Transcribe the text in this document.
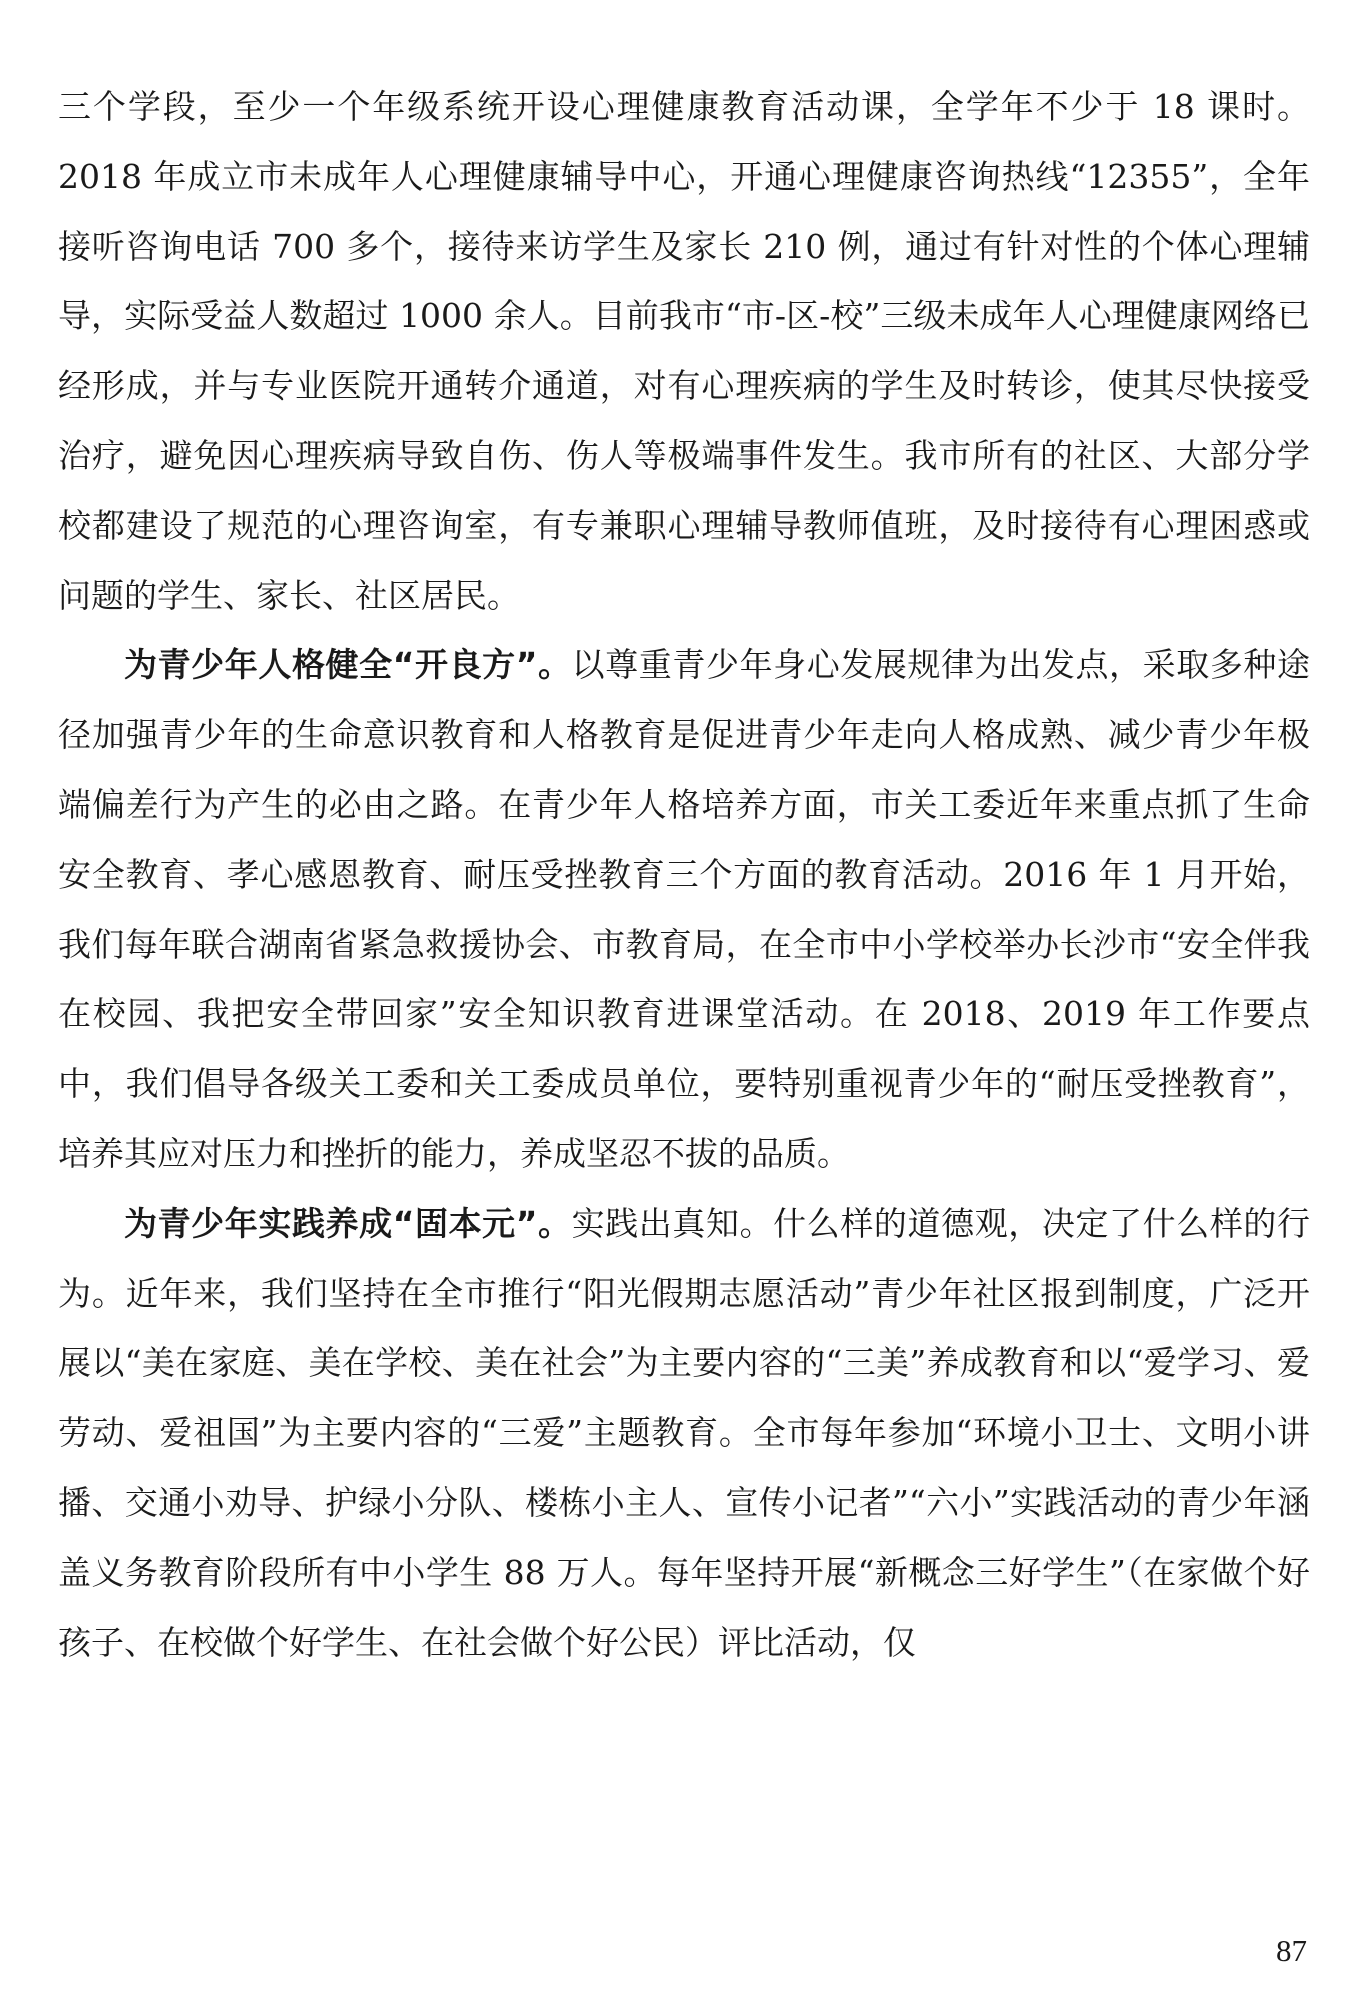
三个学段，至少一个年级系统开设心理健康教育活动课，全学年不少于 18 课时。2018 年成立市未成年人心理健康辅导中心，开通心理健康咨询热线“12355”，全年接听咨询电话 700 多个，接待来访学生及家长 210 例，通过有针对性的个体心理辅导，实际受益人数超过 1000 余人。目前我市“市-区-校”三级未成年人心理健康网络已经形成，并与专业医院开通转介通道，对有心理疾病的学生及时转诊，使其尽快接受治疗，避免因心理疾病导致自伤、伤人等极端事件发生。我市所有的社区、大部分学校都建设了规范的心理咨询室，有专兼职心理辅导教师值班，及时接待有心理困惑或问题的学生、家长、社区居民。

为青少年人格健全“开良方”。以尊重青少年身心发展规律为出发点，采取多种途径加强青少年的生命意识教育和人格教育是促进青少年走向人格成熟、减少青少年极端偏差行为产生的必由之路。在青少年人格培养方面，市关工委近年来重点抓了生命安全教育、孝心感恩教育、耐压受挫教育三个方面的教育活动。2016 年 1 月开始，我们每年联合湖南省紧急救援协会、市教育局，在全市中小学校举办长沙市“安全伴我在校园、我把安全带回家”安全知识教育进课堂活动。在 2018、2019 年工作要点中，我们倡导各级关工委和关工委成员单位，要特别重视青少年的“耐压受挫教育”，培养其应对压力和挫折的能力，养成坚忍不拔的品质。

为青少年实践养成“固本元”。实践出真知。什么样的道德观，决定了什么样的行为。近年来，我们坚持在全市推行“阳光假期志愿活动”青少年社区报到制度，广泛开展以“美在家庭、美在学校、美在社会”为主要内容的“三美”养成教育和以“爱学习、爱劳动、爱祖国”为主要内容的“三爱”主题教育。全市每年参加“环境小卫士、文明小讲播、交通小劝导、护绿小分队、楼栋小主人、宣传小记者”“六小”实践活动的青少年涵盖义务教育阶段所有中小学生 88 万人。每年坚持开展“新概念三好学生”（在家做个好孩子、在校做个好学生、在社会做个好公民）评比活动，仅

87
